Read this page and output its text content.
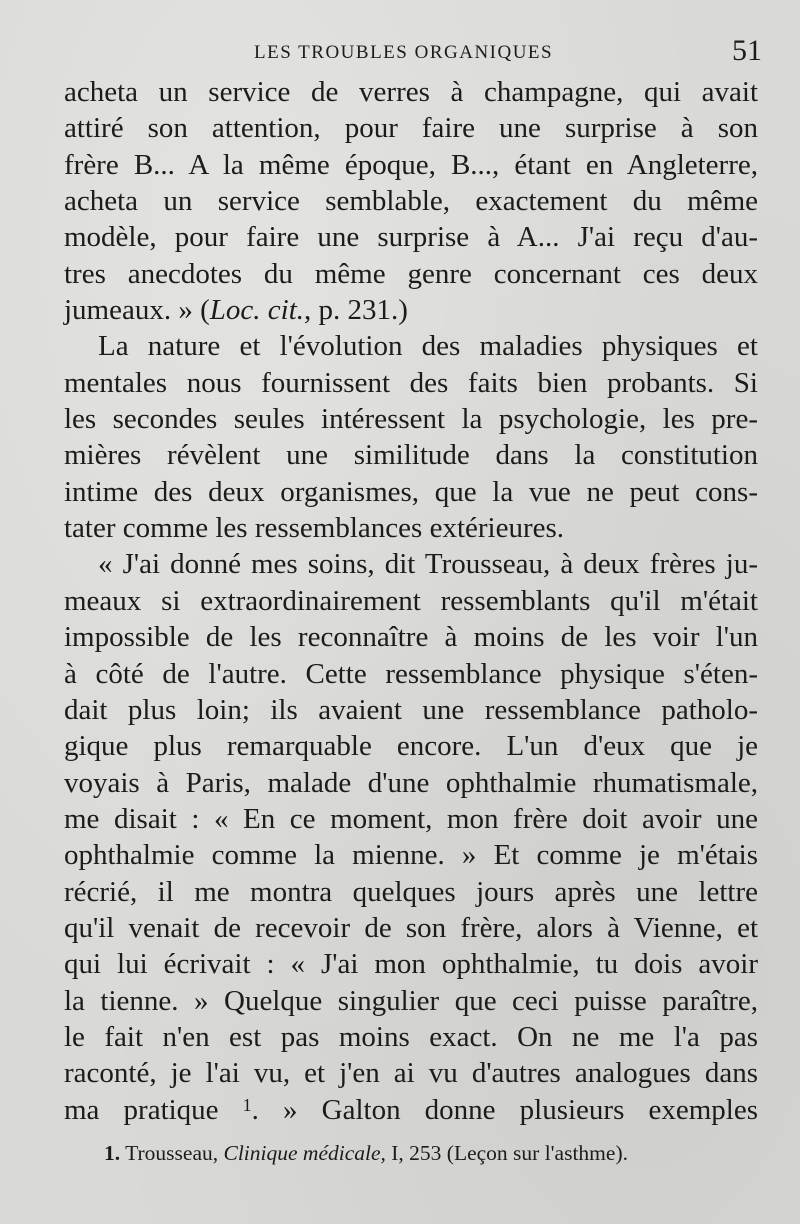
LES TROUBLES ORGANIQUES	51
acheta un service de verres à champagne, qui avait
attiré son attention, pour faire une surprise à son
frère B... A la même époque, B..., étant en Angleterre,
acheta un service semblable, exactement du même
modèle, pour faire une surprise à A... J'ai reçu d'au-
tres anecdotes du même genre concernant ces deux
jumeaux. » (Loc. cit., p. 231.)
La nature et l'évolution des maladies physiques et
mentales nous fournissent des faits bien probants. Si
les secondes seules intéressent la psychologie, les pre-
mières révèlent une similitude dans la constitution
intime des deux organismes, que la vue ne peut cons-
tater comme les ressemblances extérieures.
« J'ai donné mes soins, dit Trousseau, à deux frères ju-
meaux si extraordinairement ressemblants qu'il m'était
impossible de les reconnaître à moins de les voir l'un
à côté de l'autre. Cette ressemblance physique s'éten-
dait plus loin; ils avaient une ressemblance patholo-
gique plus remarquable encore. L'un d'eux que je
voyais à Paris, malade d'une ophthalmie rhumatismale,
me disait : « En ce moment, mon frère doit avoir une
ophthalmie comme la mienne. » Et comme je m'étais
récrié, il me montra quelques jours après une lettre
qu'il venait de recevoir de son frère, alors à Vienne, et
qui lui écrivait : « J'ai mon ophthalmie, tu dois avoir
la tienne. » Quelque singulier que ceci puisse paraître,
le fait n'en est pas moins exact. On ne me l'a pas
raconté, je l'ai vu, et j'en ai vu d'autres analogues dans
ma pratique $^1$. » Galton donne plusieurs exemples
1. Trousseau, Clinique médicale, I, 253 (Leçon sur l'asthme).
